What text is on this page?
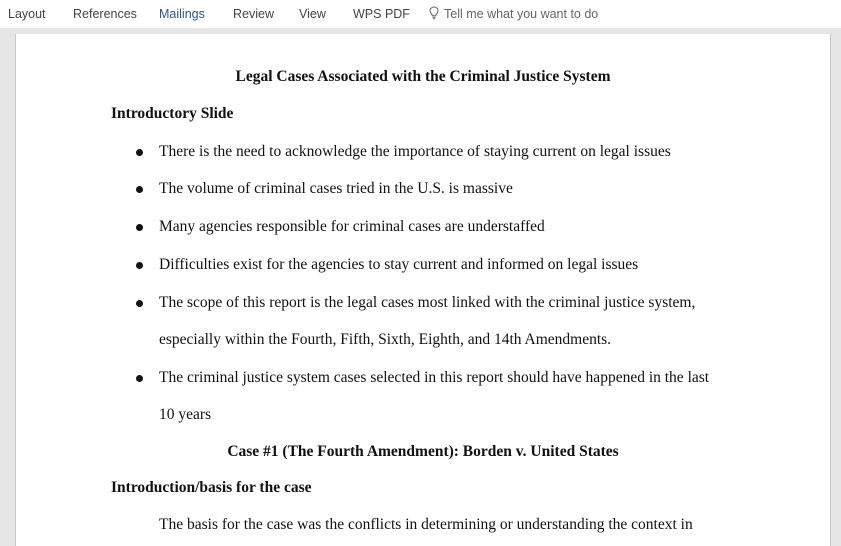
Layout References Mailings Review View WPS PDF	Tell me what you want to do
Legal Cases Associated with the Criminal Justice System
Introductory Slide
There is the need to acknowledge the importance of staying current on legal issues
The volume of criminal cases tried in the U.S. is massive
Many agencies responsible for criminal cases are understaffed
Difficulties exist for the agencies to stay current and informed on legal issues
The scope of this report is the legal cases most linked with the criminal justice system,
especially within the Fourth, Fifth, Sixth, Eighth, and 14th Amendments.
The criminal justice system cases selected in this report should have happened in the last
10 years
Case #1 (The Fourth Amendment): Borden v. United States
Introduction/basis for the case
The basis for the case was the conflicts in determining or understanding the context in
